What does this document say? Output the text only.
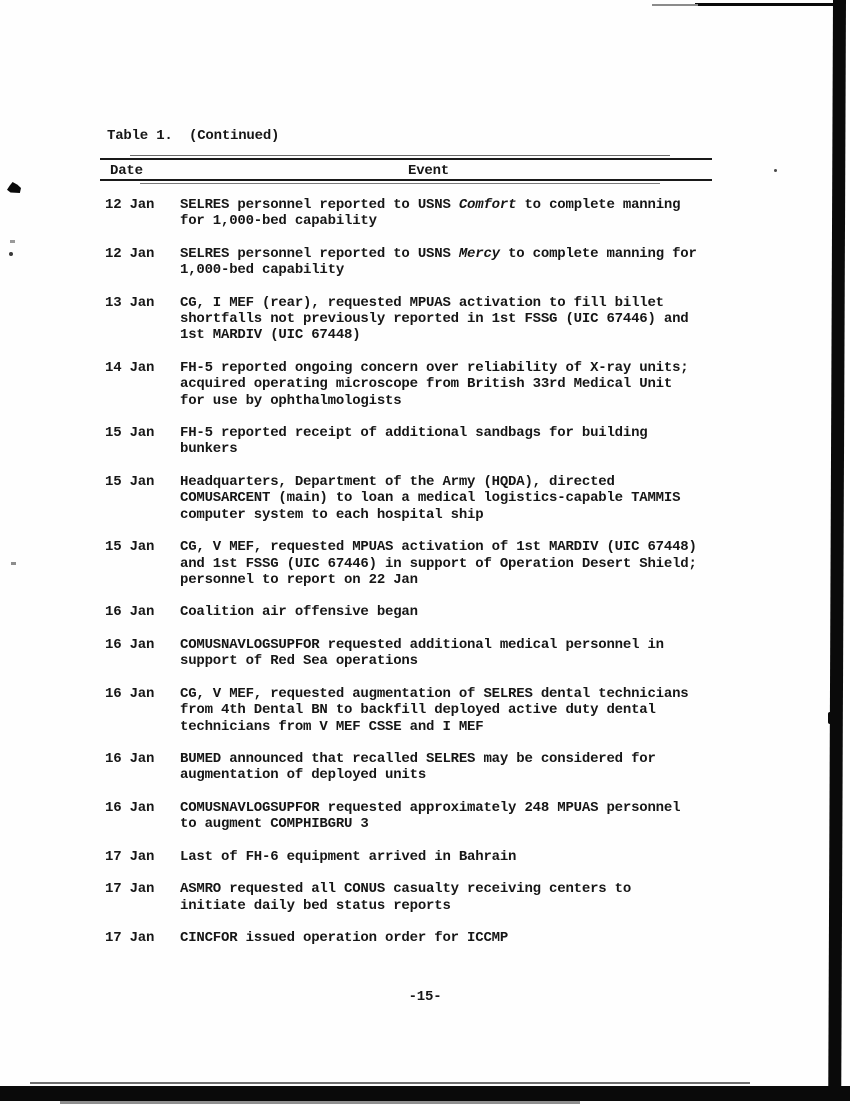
Table 1.  (Continued)
Date	Event
12 Jan	SELRES personnel reported to USNS Comfort to complete manning
for 1,000-bed capability
12 Jan	SELRES personnel reported to USNS Mercy to complete manning for
1,000-bed capability
13 Jan	CG, I MEF (rear), requested MPUAS activation to fill billet
shortfalls not previously reported in 1st FSSG (UIC 67446) and
1st MARDIV (UIC 67448)
14 Jan	FH-5 reported ongoing concern over reliability of X-ray units;
acquired operating microscope from British 33rd Medical Unit
for use by ophthalmologists
15 Jan	FH-5 reported receipt of additional sandbags for building
bunkers
15 Jan	Headquarters, Department of the Army (HQDA), directed
COMUSARCENT (main) to loan a medical logistics-capable TAMMIS
computer system to each hospital ship
15 Jan	CG, V MEF, requested MPUAS activation of 1st MARDIV (UIC 67448)
and 1st FSSG (UIC 67446) in support of Operation Desert Shield;
personnel to report on 22 Jan
16 Jan	Coalition air offensive began
16 Jan	COMUSNAVLOGSUPFOR requested additional medical personnel in
support of Red Sea operations
16 Jan	CG, V MEF, requested augmentation of SELRES dental technicians
from 4th Dental BN to backfill deployed active duty dental
technicians from V MEF CSSE and I MEF
16 Jan	BUMED announced that recalled SELRES may be considered for
augmentation of deployed units
16 Jan	COMUSNAVLOGSUPFOR requested approximately 248 MPUAS personnel
to augment COMPHIBGRU 3
17 Jan	Last of FH-6 equipment arrived in Bahrain
17 Jan	ASMRO requested all CONUS casualty receiving centers to
initiate daily bed status reports
17 Jan	CINCFOR issued operation order for ICCMP
-15-
